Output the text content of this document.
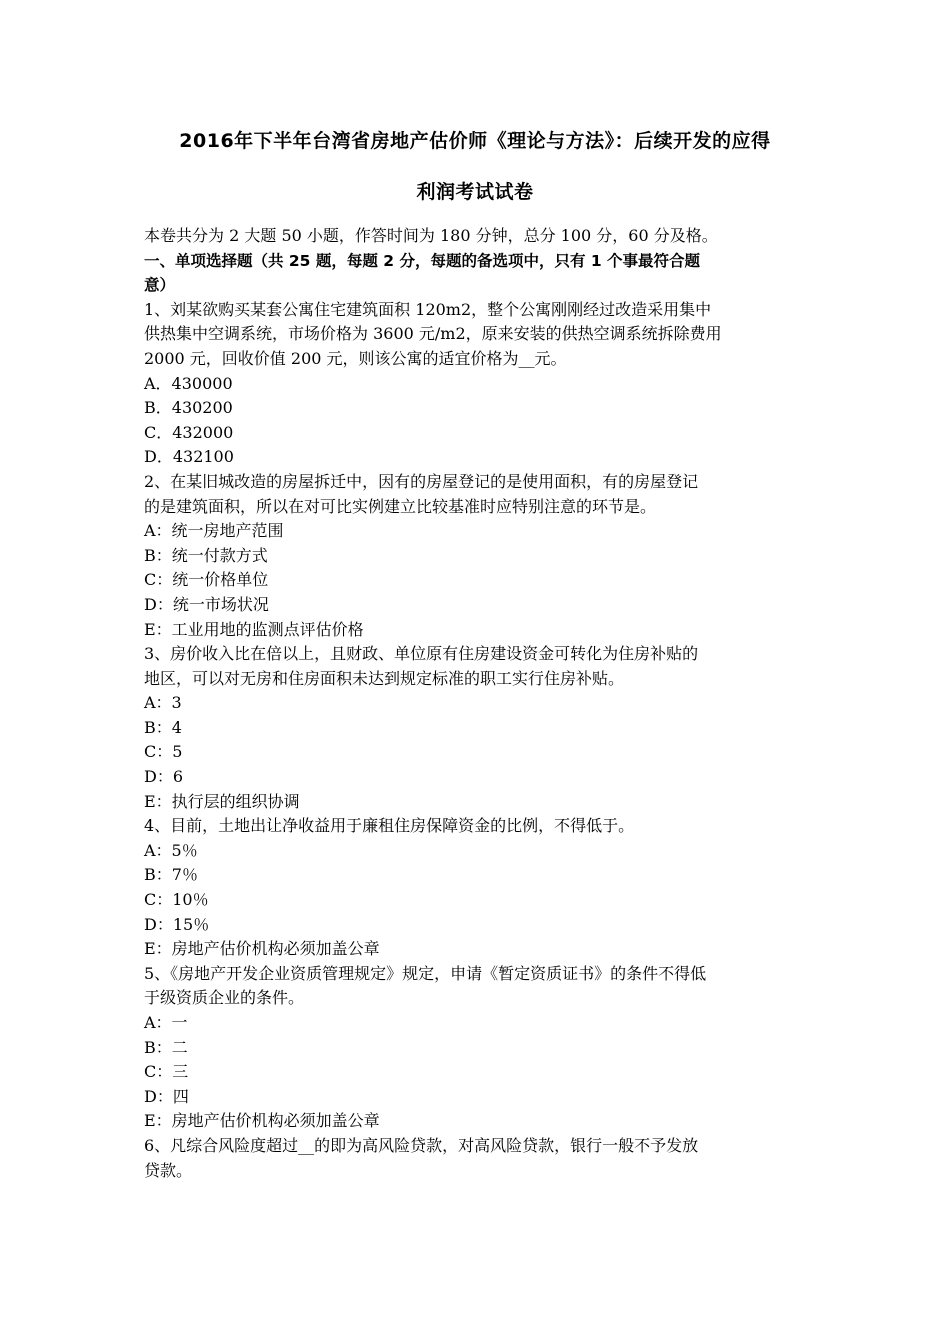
2016年下半年台湾省房地产估价师《理论与方法》：后续开发的应得
利润考试试卷
本卷共分为 2 大题 50 小题，作答时间为 180 分钟，总分 100 分，60 分及格。
一、单项选择题（共 25 题，每题 2 分，每题的备选项中，只有 1 个事最符合题
意）
1、刘某欲购买某套公寓住宅建筑面积 120m2，整个公寓刚刚经过改造采用集中
供热集中空调系统，市场价格为 3600 元/m2，原来安装的供热空调系统拆除费用
2000 元，回收价值 200 元，则该公寓的适宜价格为__元。
A．430000
B．430200
C．432000
D．432100
2、在某旧城改造的房屋拆迁中，因有的房屋登记的是使用面积，有的房屋登记
的是建筑面积，所以在对可比实例建立比较基准时应特别注意的环节是。
A：统一房地产范围
B：统一付款方式
C：统一价格单位
D：统一市场状况
E：工业用地的监测点评估价格
3、房价收入比在倍以上，且财政、单位原有住房建设资金可转化为住房补贴的
地区，可以对无房和住房面积未达到规定标准的职工实行住房补贴。
A：3
B：4
C：5
D：6
E：执行层的组织协调
4、目前，土地出让净收益用于廉租住房保障资金的比例，不得低于。
A：5％
B：7％
C：10％
D：15％
E：房地产估价机构必须加盖公章
5、《房地产开发企业资质管理规定》规定，申请《暂定资质证书》的条件不得低
于级资质企业的条件。
A：一
B：二
C：三
D：四
E：房地产估价机构必须加盖公章
6、凡综合风险度超过__的即为高风险贷款，对高风险贷款，银行一般不予发放
贷款。
